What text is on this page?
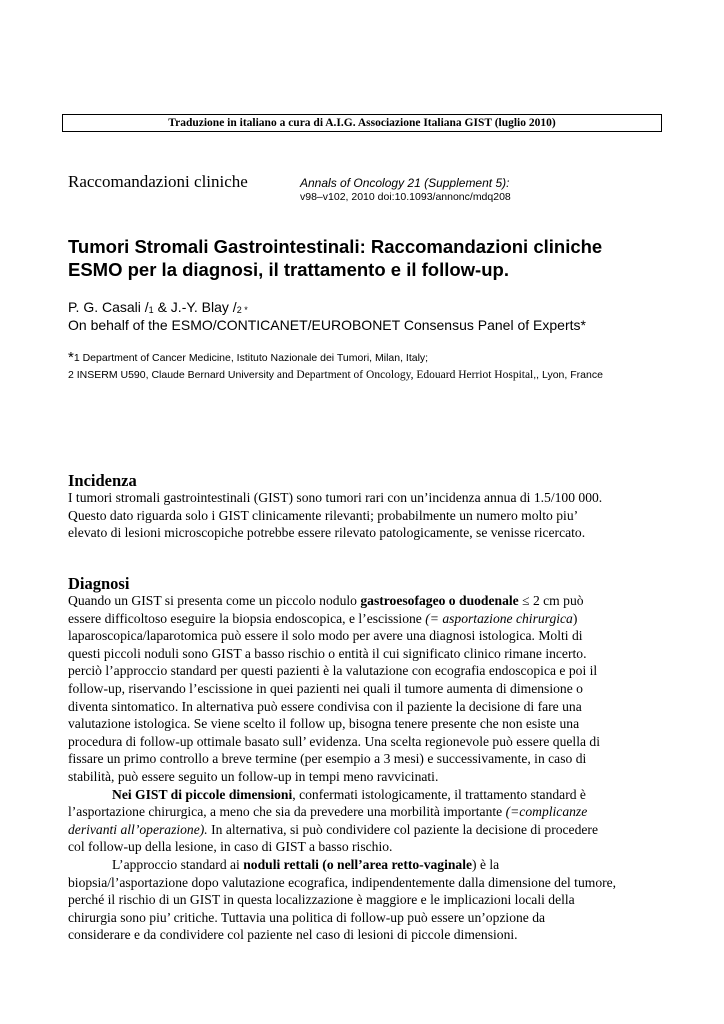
Traduzione in italiano a cura di A.I.G. Associazione Italiana GIST (luglio 2010)
Raccomandazioni cliniche	Annals of Oncology 21 (Supplement 5):
v98–v102, 2010 doi:10.1093/annonc/mdq208
Tumori Stromali Gastrointestinali: Raccomandazioni cliniche
ESMO per la diagnosi, il trattamento e il follow-up.
P. G. Casali $/_1$ & J.-Y. Blay $/_{2 *}$
On behalf of the ESMO/CONTICANET/EUROBONET Consensus Panel of Experts*
*1 Department of Cancer Medicine, Istituto Nazionale dei Tumori, Milan, Italy;
2 INSERM U590, Claude Bernard University and Department of Oncology, Edouard Herriot Hospital,, Lyon, France
Incidenza
I tumori stromali gastrointestinali (GIST) sono tumori rari con un’incidenza annua di 1.5/100 000.
Questo dato riguarda solo i GIST clinicamente rilevanti; probabilmente un numero molto piu’
elevato di lesioni microscopiche potrebbe essere rilevato patologicamente, se venisse ricercato.
Diagnosi
Quando un GIST si presenta come un piccolo nodulo gastroesofageo o duodenale ≤ 2 cm può
essere difficoltoso eseguire la biopsia endoscopica, e l’escissione (= asportazione chirurgica)
laparoscopica/laparotomica può essere il solo modo per avere una diagnosi istologica. Molti di
questi piccoli noduli sono GIST a basso rischio o entità il cui significato clinico rimane incerto.
perciò l’approccio standard per questi pazienti è la valutazione con ecografia endoscopica e poi il
follow-up, riservando l’escissione in quei pazienti nei quali il tumore aumenta di dimensione o
diventa sintomatico. In alternativa può essere condivisa con il paziente la decisione di fare una
valutazione istologica. Se viene scelto il follow up, bisogna tenere presente che non esiste una
procedura di follow-up ottimale basato sull’ evidenza. Una scelta regionevole può essere quella di
fissare un primo controllo a breve termine (per esempio a 3 mesi) e successivamente, in caso di
stabilità, può essere seguito un follow-up in tempi meno ravvicinati.
Nei GIST di piccole dimensioni, confermati istologicamente, il trattamento standard è
l’asportazione chirurgica, a meno che sia da prevedere una morbilità importante (=complicanze
derivanti all’operazione). In alternativa, si può condividere col paziente la decisione di procedere
col follow-up della lesione, in caso di GIST a basso rischio.
L’approccio standard ai noduli rettali (o nell’area retto-vaginale) è la
biopsia/l’asportazione dopo valutazione ecografica, indipendentemente dalla dimensione del tumore,
perché il rischio di un GIST in questa localizzazione è maggiore e le implicazioni locali della
chirurgia sono piu’ critiche. Tuttavia una politica di follow-up può essere un’opzione da
considerare e da condividere col paziente nel caso di lesioni di piccole dimensioni.
